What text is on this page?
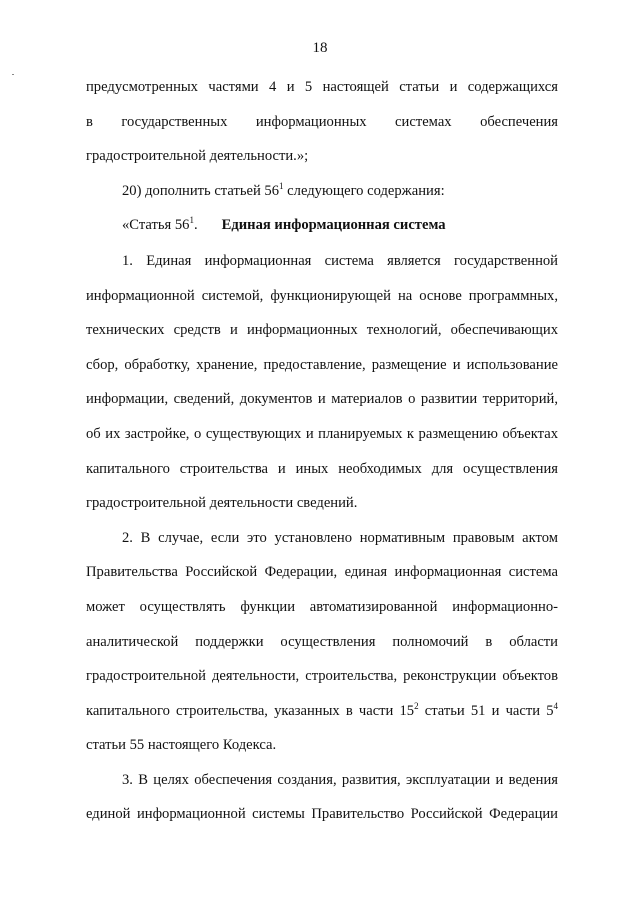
18
предусмотренных частями 4 и 5 настоящей статьи и содержащихся
в государственных информационных системах обеспечения
градостроительной деятельности.»;
20) дополнить статьей $56^1$ следующего содержания:
«Статья $56^1$. Единая информационная система
1. Единая информационная система является государственной
информационной системой, функционирующей на основе программных,
технических средств и информационных технологий, обеспечивающих
сбор, обработку, хранение, предоставление, размещение и использование
информации, сведений, документов и материалов о развитии территорий,
об их застройке, о существующих и планируемых к размещению объектах
капитального строительства и иных необходимых для осуществления
градостроительной деятельности сведений.
2. В случае, если это установлено нормативным правовым актом
Правительства Российской Федерации, единая информационная система
может осуществлять функции автоматизированной информационно-
аналитической поддержки осуществления полномочий в области
градостроительной деятельности, строительства, реконструкции объектов
капитального строительства, указанных в части $15^2$ статьи 51 и части $5^4$
статьи 55 настоящего Кодекса.
3. В целях обеспечения создания, развития, эксплуатации и ведения
единой информационной системы Правительство Российской Федерации
